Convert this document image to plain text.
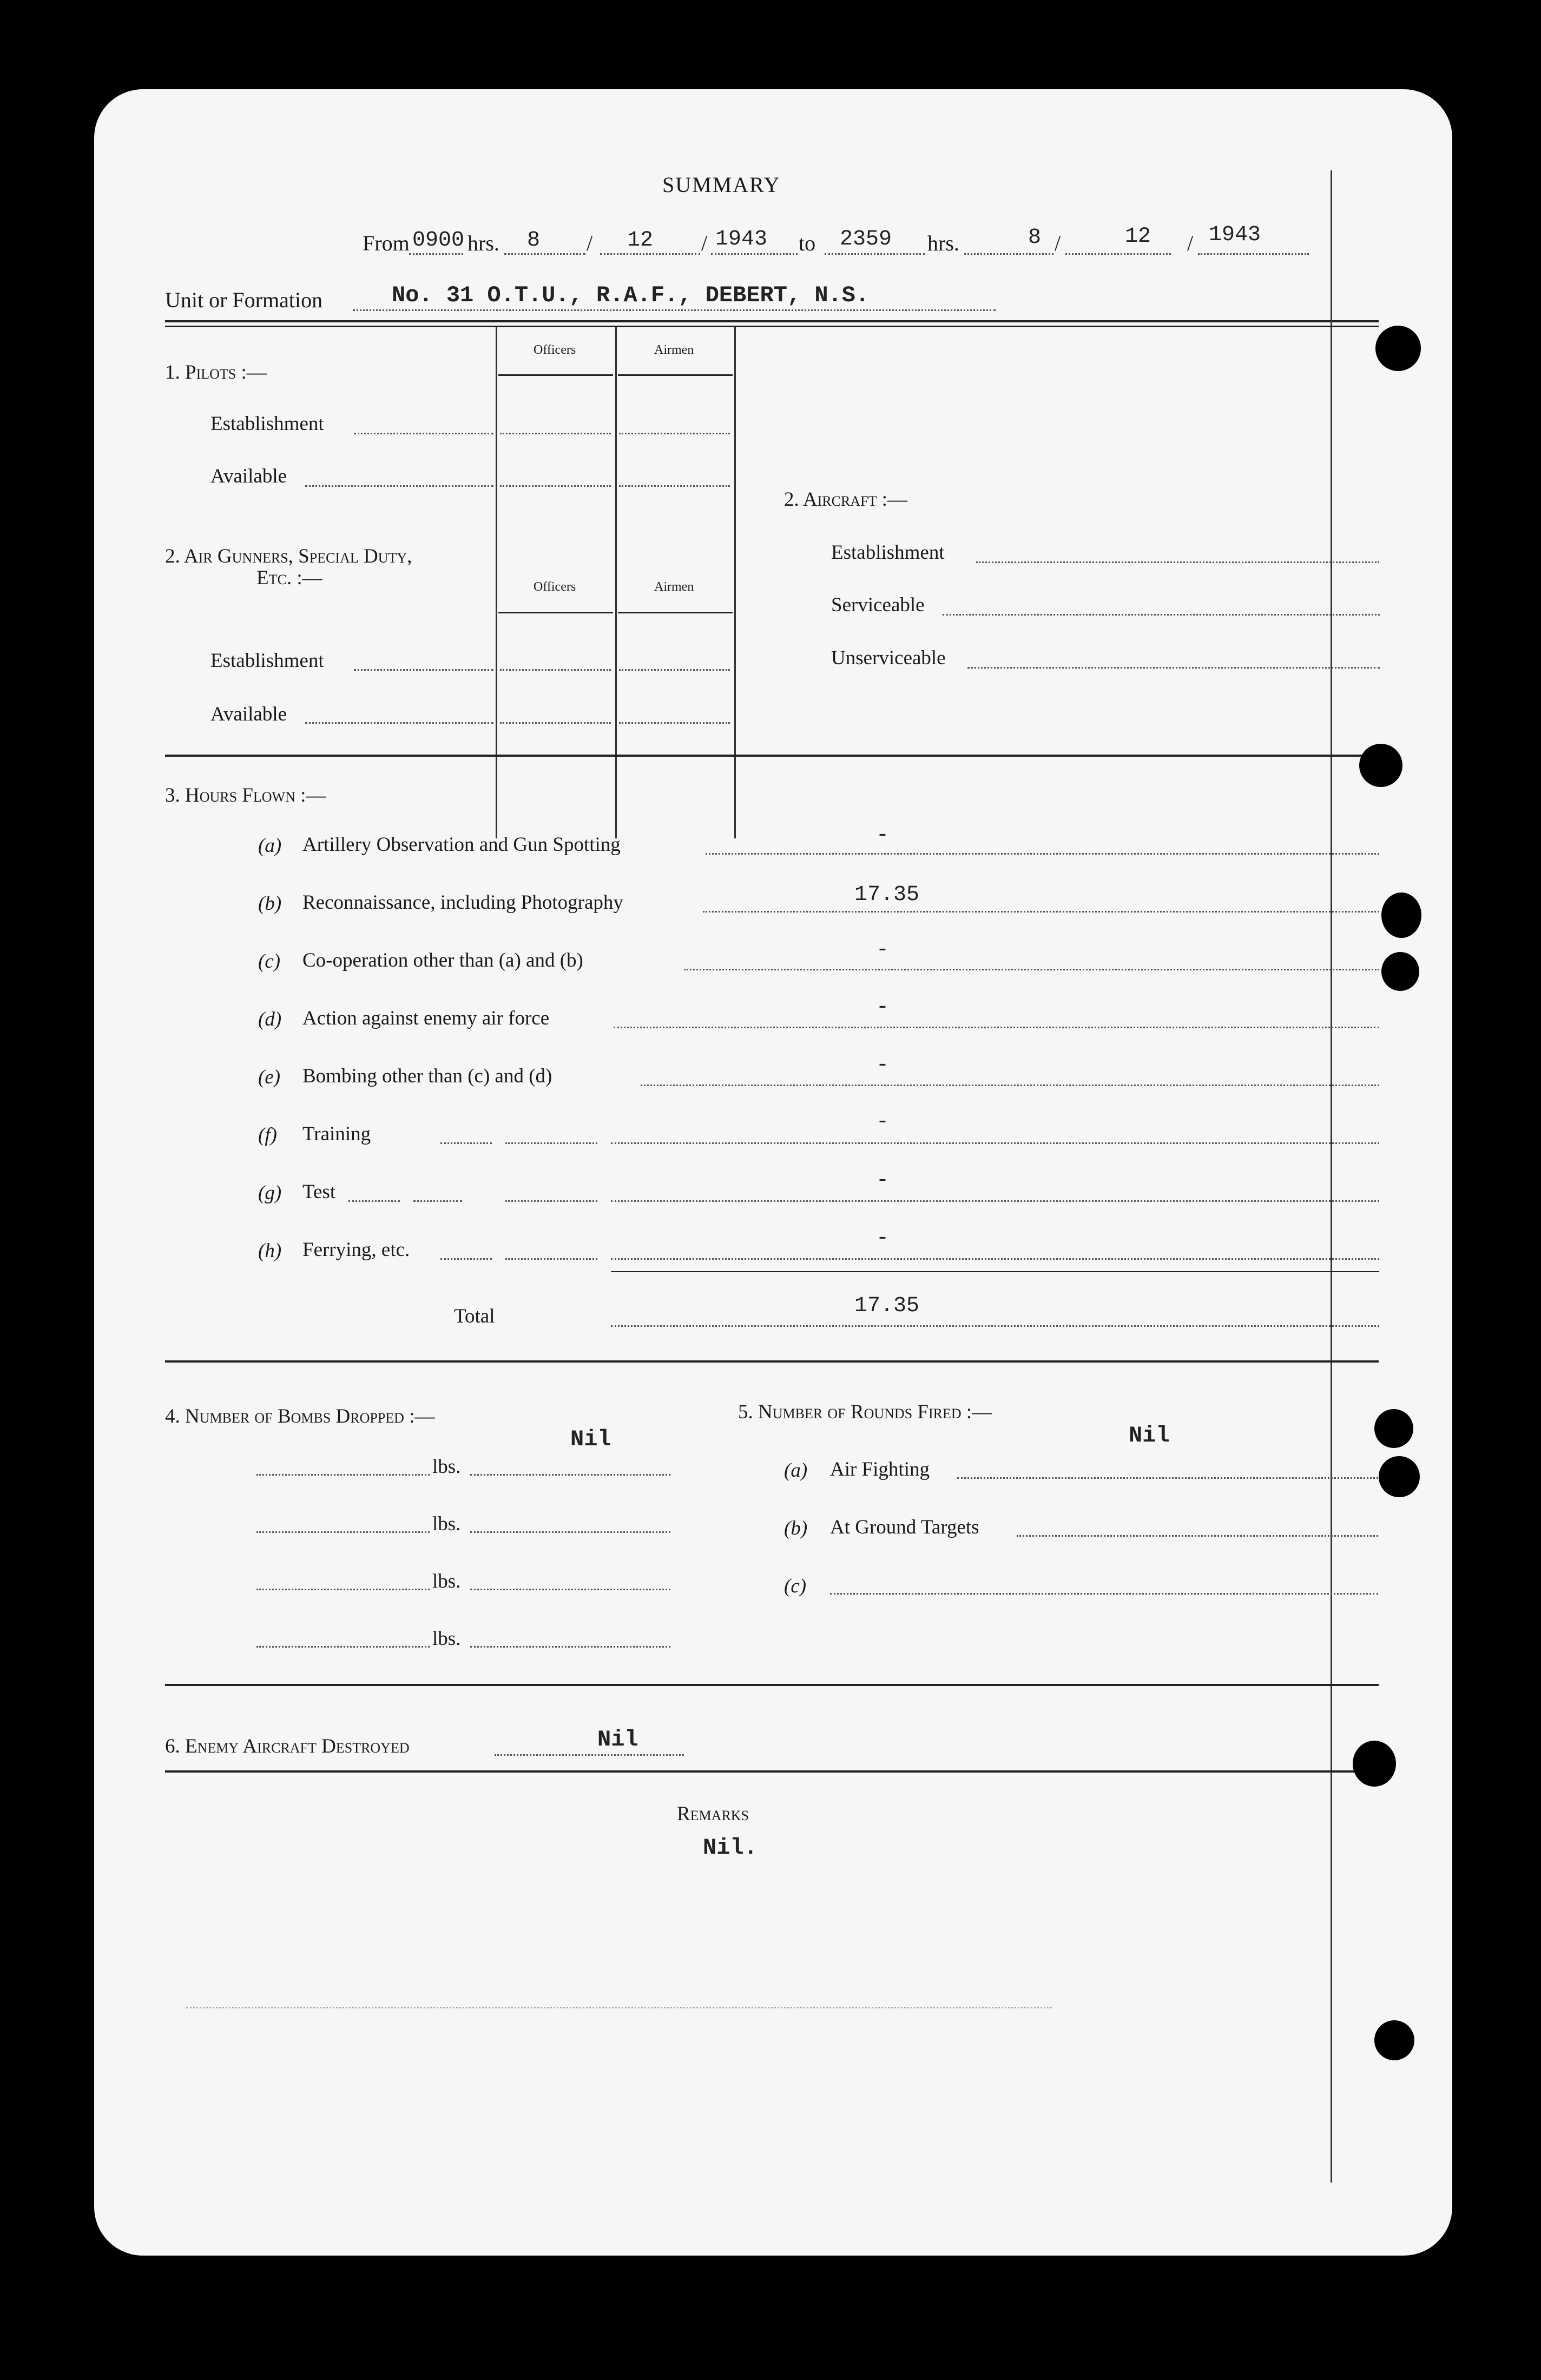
SUMMARY
From 0900 hrs. 8 / 12 / 1943 to 2359 hrs.	8 /	12 / 1943
Unit or Formation	No. 31 O.T.U., R.A.F., DEBERT, N.S.
1. Pilots :—
Officers	Airmen
Establishment
Available
2. Air Gunners, Special Duty,
Etc. :—	Officers	Airmen
Establishment
Available
2. Aircraft :—
Establishment
Serviceable
Unserviceable
3. Hours Flown :—
(a) Artillery Observation and Gun Spotting	-
(b) Reconnaissance, including Photography	17.35
(c) Co-operation other than (a) and (b)	-
(d) Action against enemy air force	-
(e) Bombing other than (c) and (d)	-
(f) Training	-
(g) Test	-
(h) Ferrying, etc.	-
Total	17.35
4. Number of Bombs Dropped :—
Nil
lbs.
lbs.
lbs.
lbs.
5. Number of Rounds Fired :—
Nil
(a) Air Fighting
(b) At Ground Targets
(c)
6. Enemy Aircraft Destroyed	Nil
Remarks
Nil.
